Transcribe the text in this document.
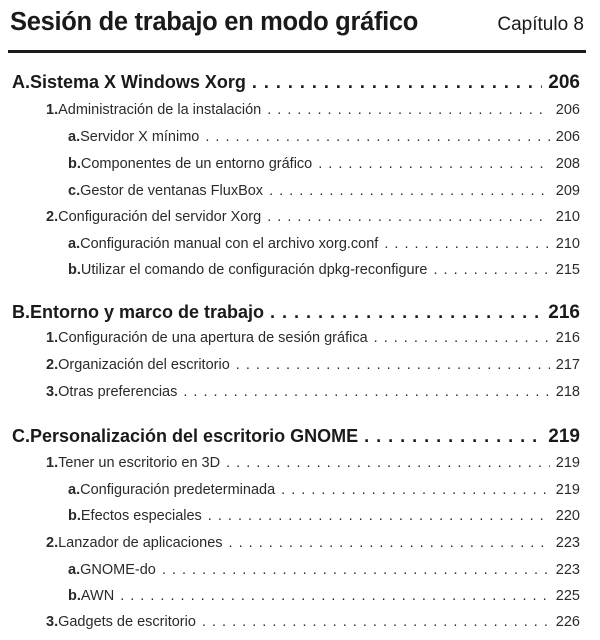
Sesión de trabajo en modo gráfico	Capítulo 8
A. Sistema X Windows Xorg . . .	206
1. Administración de la instalación . . .	206
a. Servidor X mínimo . . .	206
b. Componentes de un entorno gráfico . . .	208
c. Gestor de ventanas FluxBox . . .	209
2. Configuración del servidor Xorg . . .	210
a. Configuración manual con el archivo xorg.conf . . .	210
b. Utilizar el comando de configuración dpkg-reconfigure . . .	215
B. Entorno y marco de trabajo . . .	216
1. Configuración de una apertura de sesión gráfica . . .	216
2. Organización del escritorio . . .	217
3. Otras preferencias . . .	218
C. Personalización del escritorio GNOME . . .	219
1. Tener un escritorio en 3D . . .	219
a. Configuración predeterminada . . .	219
b. Efectos especiales . . .	220
2. Lanzador de aplicaciones . . .	223
a. GNOME-do . . .	223
b. AWN . . .	225
3. Gadgets de escritorio . . .	226
